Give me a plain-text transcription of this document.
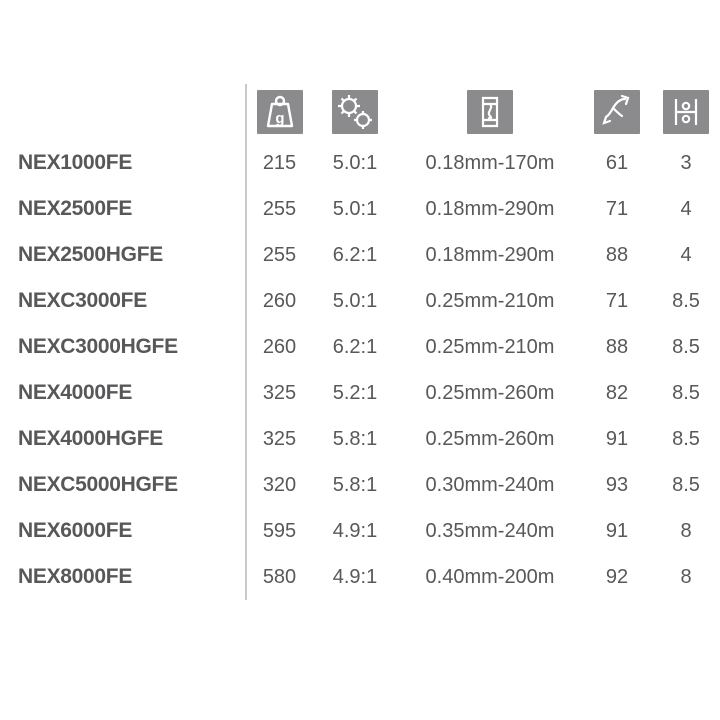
g

NEX1000FE	215	5.0:1	0.18mm-170m	61	3
NEX2500FE	255	5.0:1	0.18mm-290m	71	4
NEX2500HGFE	255	6.2:1	0.18mm-290m	88	4
NEXC3000FE	260	5.0:1	0.25mm-210m	71	8.5
NEXC3000HGFE	260	6.2:1	0.25mm-210m	88	8.5
NEX4000FE	325	5.2:1	0.25mm-260m	82	8.5
NEX4000HGFE	325	5.8:1	0.25mm-260m	91	8.5
NEXC5000HGFE	320	5.8:1	0.30mm-240m	93	8.5
NEX6000FE	595	4.9:1	0.35mm-240m	91	8
NEX8000FE	580	4.9:1	0.40mm-200m	92	8
